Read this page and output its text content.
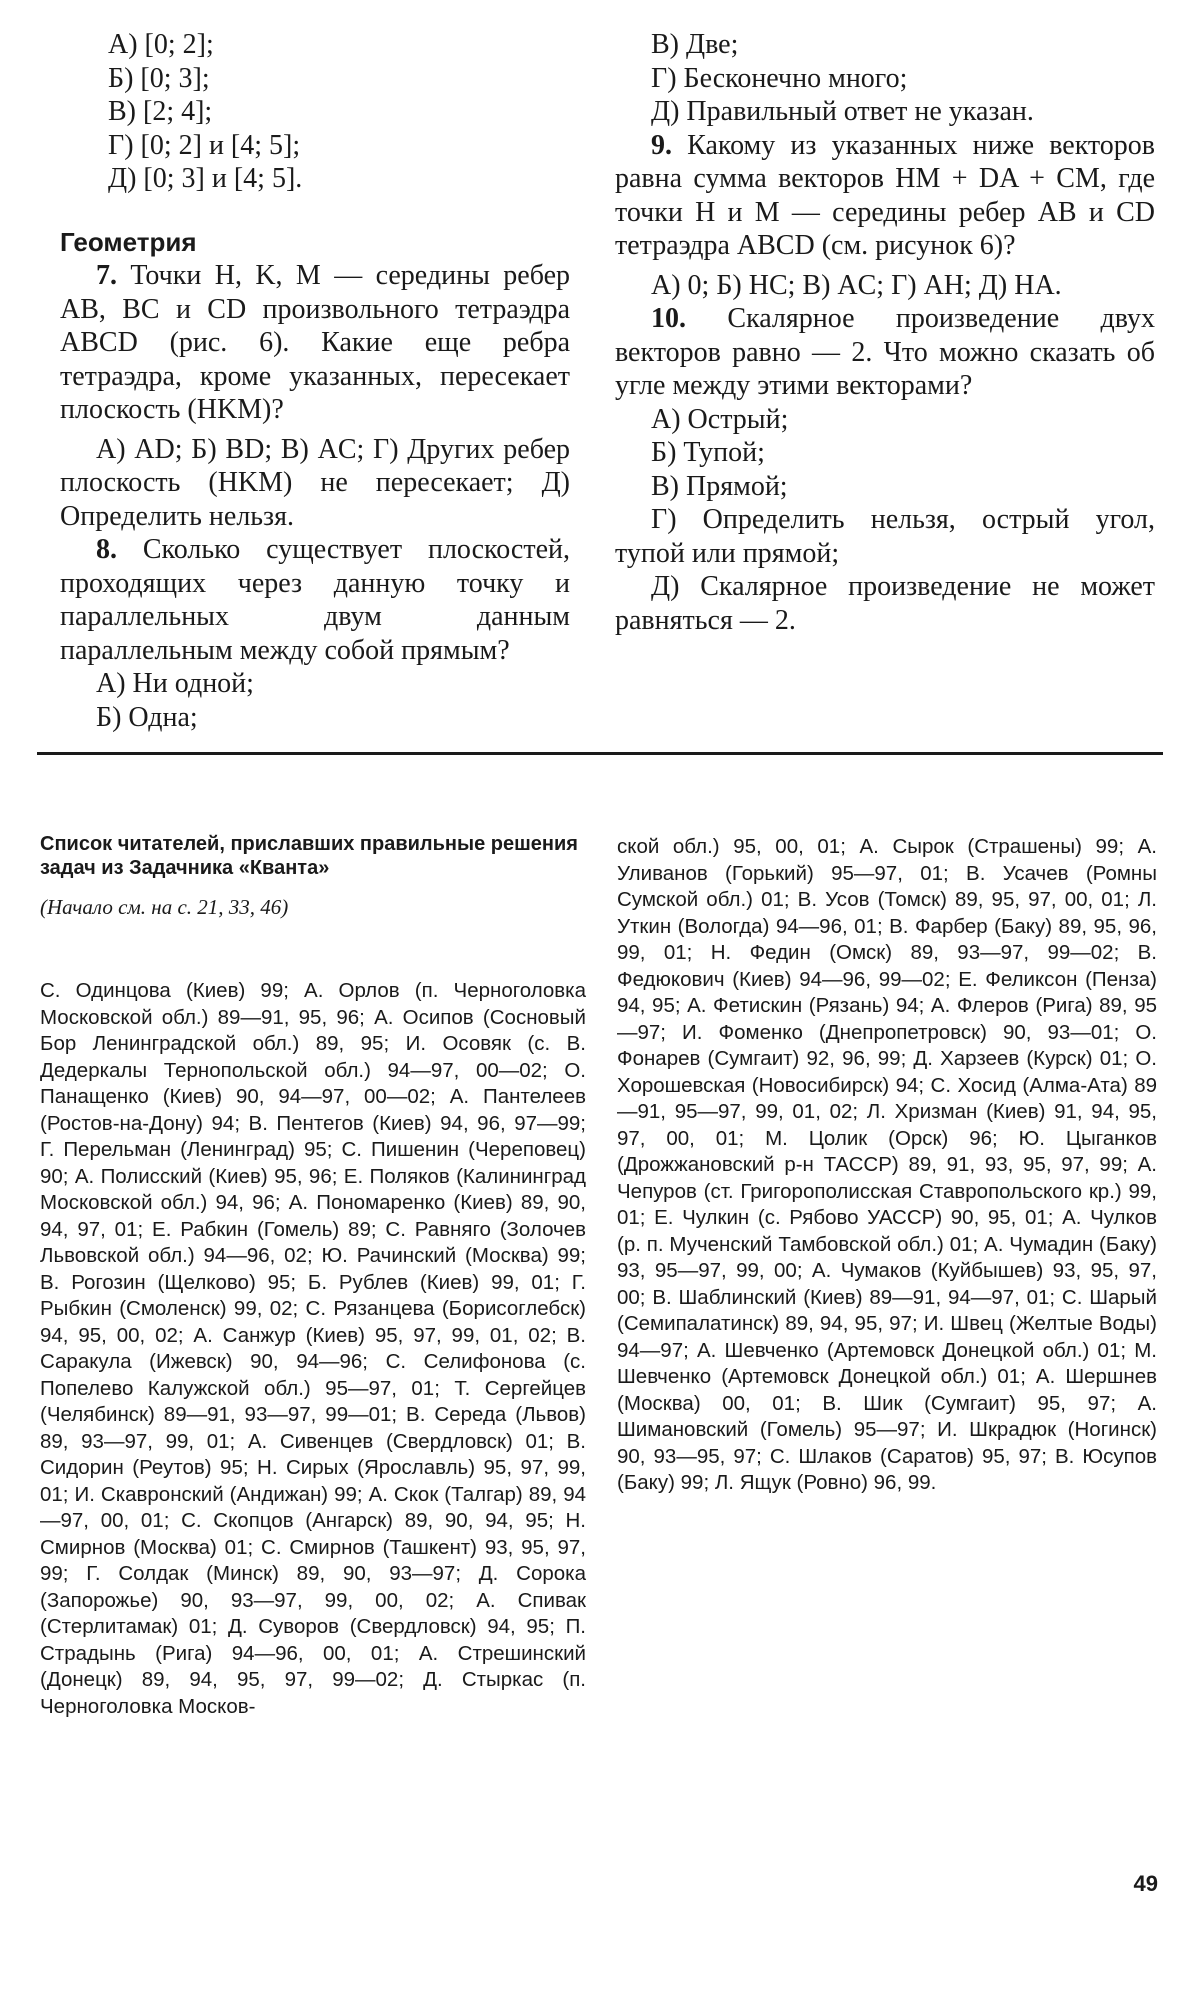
А) [0; 2];

Б) [0; 3];

В) [2; 4];

Г) [0; 2] и [4; 5];

Д) [0; 3] и [4; 5].

Геометрия

7. Точки H, K, M — середины ребер AB, BC и CD произвольного тетраэдра ABCD (рис. 6). Какие еще ребра тетраэдра, кроме указанных, пересекает плоскость (HKM)?

А) AD; Б) BD; В) AC; Г) Других ребер плоскость (HKM) не пересекает; Д) Определить нельзя.

8. Сколько существует плоскостей, проходящих через данную точку и параллельных двум данным параллельным между собой прямым?

А) Ни одной;

Б) Одна;

В) Две;

Г) Бесконечно много;

Д) Правильный ответ не указан.

9. Какому из указанных ниже векторов равна сумма векторов HM + DA + CM, где точки H и M — середины ребер AB и CD тетраэдра ABCD (см. рисунок 6)?

А) 0; Б) HC; В) AC; Г) AH; Д) HA.

10. Скалярное произведение двух векторов равно — 2. Что можно сказать об угле между этими векторами?

А) Острый;

Б) Тупой;

В) Прямой;

Г) Определить нельзя, острый угол, тупой или прямой;

Д) Скалярное произведение не может равняться — 2.

Список читателей, приславших правильные решения задач из Задачника «Кванта»

(Начало см. на с. 21, 33, 46)

С. Одинцова (Киев) 99; А. Орлов (п. Черноголовка Московской обл.) 89—91, 95, 96; А. Осипов (Сосновый Бор Ленинградской обл.) 89, 95; И. Осовяк (с. В. Дедеркалы Тернопольской обл.) 94—97, 00—02; О. Панащенко (Киев) 90, 94—97, 00—02; А. Пантелеев (Ростов-на-Дону) 94; В. Пентегов (Киев) 94, 96, 97—99; Г. Перельман (Ленинград) 95; С. Пишенин (Череповец) 90; А. Полисский (Киев) 95, 96; Е. Поляков (Калининград Московской обл.) 94, 96; А. Пономаренко (Киев) 89, 90, 94, 97, 01; Е. Рабкин (Гомель) 89; С. Равняго (Золочев Львовской обл.) 94—96, 02; Ю. Рачинский (Москва) 99; В. Рогозин (Щелково) 95; Б. Рублев (Киев) 99, 01; Г. Рыбкин (Смоленск) 99, 02; С. Рязанцева (Борисоглебск) 94, 95, 00, 02; А. Санжур (Киев) 95, 97, 99, 01, 02; В. Саракула (Ижевск) 90, 94—96; С. Селифонова (с. Попелево Калужской обл.) 95—97, 01; Т. Сергейцев (Челябинск) 89—91, 93—97, 99—01; В. Середа (Львов) 89, 93—97, 99, 01; А. Сивенцев (Свердловск) 01; В. Сидорин (Реутов) 95; Н. Сирых (Ярославль) 95, 97, 99, 01; И. Скавронский (Андижан) 99; А. Скок (Талгар) 89, 94—97, 00, 01; С. Скопцов (Ангарск) 89, 90, 94, 95; Н. Смирнов (Москва) 01; С. Смирнов (Ташкент) 93, 95, 97, 99; Г. Солдак (Минск) 89, 90, 93—97; Д. Сорока (Запорожье) 90, 93—97, 99, 00, 02; А. Спивак (Стерлитамак) 01; Д. Суворов (Свердловск) 94, 95; П. Страдынь (Рига) 94—96, 00, 01; А. Стрешинский (Донецк) 89, 94, 95, 97, 99—02; Д. Стыркас (п. Черноголовка Москов-

ской обл.) 95, 00, 01; А. Сырок (Страшены) 99; А. Уливанов (Горький) 95—97, 01; В. Усачев (Ромны Сумской обл.) 01; В. Усов (Томск) 89, 95, 97, 00, 01; Л. Уткин (Вологда) 94—96, 01; В. Фарбер (Баку) 89, 95, 96, 99, 01; Н. Федин (Омск) 89, 93—97, 99—02; В. Федюкович (Киев) 94—96, 99—02; Е. Феликсон (Пенза) 94, 95; А. Фетискин (Рязань) 94; А. Флеров (Рига) 89, 95—97; И. Фоменко (Днепропетровск) 90, 93—01; О. Фонарев (Сумгаит) 92, 96, 99; Д. Харзеев (Курск) 01; О. Хорошевская (Новосибирск) 94; С. Хосид (Алма-Ата) 89—91, 95—97, 99, 01, 02; Л. Хризман (Киев) 91, 94, 95, 97, 00, 01; М. Цолик (Орск) 96; Ю. Цыганков (Дрожжановский р-н ТАССР) 89, 91, 93, 95, 97, 99; А. Чепуров (ст. Григорополисская Ставропольского кр.) 99, 01; Е. Чулкин (с. Рябово УАССР) 90, 95, 01; А. Чулков (р. п. Мученский Тамбовской обл.) 01; А. Чумадин (Баку) 93, 95—97, 99, 00; А. Чумаков (Куйбышев) 93, 95, 97, 00; В. Шаблинский (Киев) 89—91, 94—97, 01; С. Шарый (Семипалатинск) 89, 94, 95, 97; И. Швец (Желтые Воды) 94—97; А. Шевченко (Артемовск Донецкой обл.) 01; М. Шевченко (Артемовск Донецкой обл.) 01; А. Шершнев (Москва) 00, 01; В. Шик (Сумгаит) 95, 97; А. Шимановский (Гомель) 95—97; И. Шкрадюк (Ногинск) 90, 93—95, 97; С. Шлаков (Саратов) 95, 97; В. Юсупов (Баку) 99; Л. Ящук (Ровно) 96, 99.

49
